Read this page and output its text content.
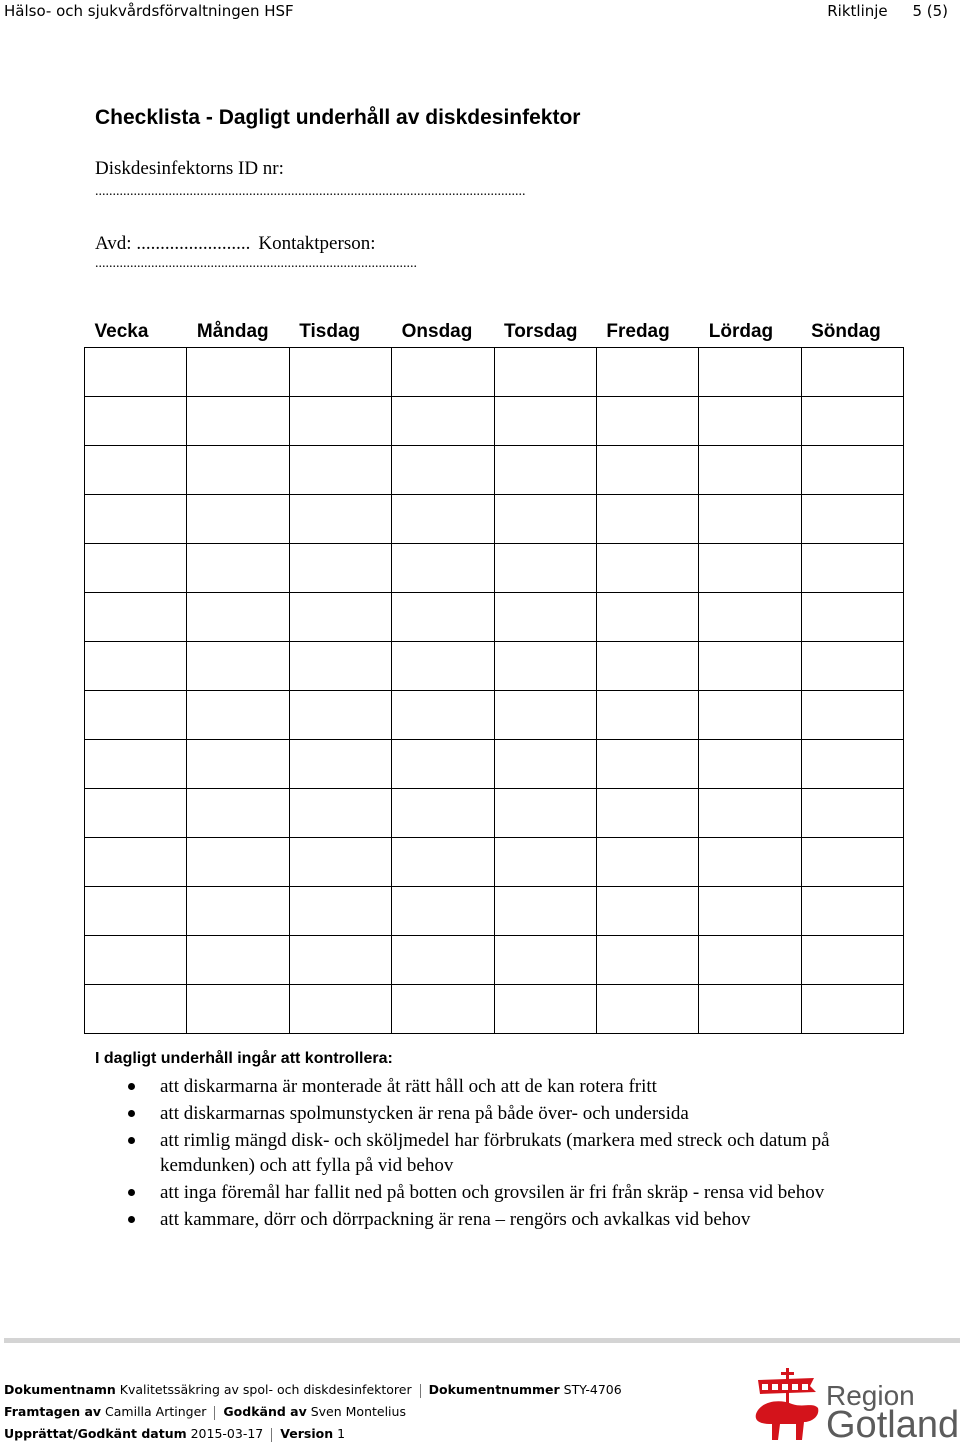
Hälso- och sjukvårdsförvaltningen HSF	Riktlinje 5 (5)
Checklista - Dagligt underhåll av diskdesinfektor
Diskdesinfektorns ID nr:
...........................................................................................................................
Avd: ........................ Kontaktperson:
............................................................................................
Vecka	Måndag	Tisdag	Onsdag	Torsdag	Fredag	Lördag	Söndag

I dagligt underhåll ingår att kontrollera:
att diskarmarna är monterade åt rätt håll och att de kan rotera fritt
att diskarmarnas spolmunstycken är rena på både över- och undersida
att rimlig mängd disk- och sköljmedel har förbrukats (markera med streck och datum på kemdunken) och att fylla på vid behov
att inga föremål har fallit ned på botten och grovsilen är fri från skräp - rensa vid behov
att kammare, dörr och dörrpackning är rena – rengörs och avkalkas vid behov
Dokumentnamn Kvalitetssäkring av spol- och diskdesinfektorer Dokumentnummer STY-4706
Framtagen av Camilla Artinger Godkänd av Sven Montelius
Upprättat/Godkänt datum 2015-03-17 Version 1
Region
Gotland
